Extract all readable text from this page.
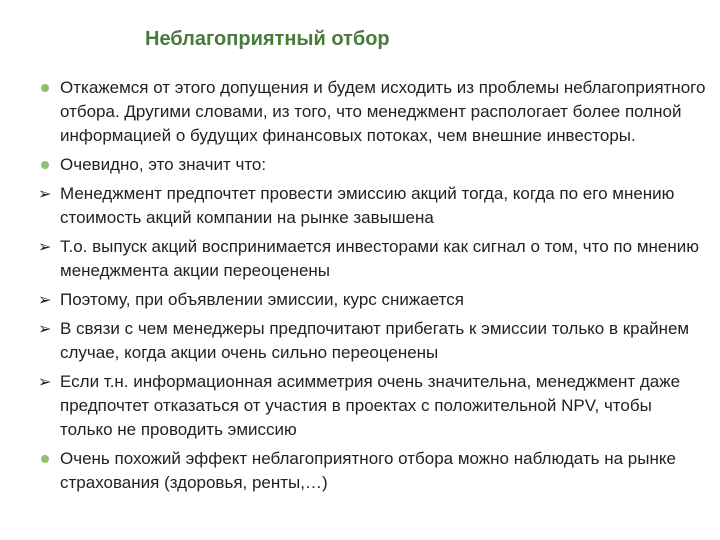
Неблагоприятный отбор
Откажемся от этого допущения и будем исходить из проблемы неблагоприятного отбора. Другими словами, из того, что менеджмент распологает более полной информацией о будущих финансовых потоках, чем внешние инвесторы.
Очевидно, это значит что:
➢ Менеджмент предпочтет провести эмиссию акций тогда, когда по его мнению стоимость акций компании на рынке завышена
➢ Т.о. выпуск акций воспринимается инвесторами как сигнал о том, что по мнению менеджмента акции переоценены
➢ Поэтому, при объявлении эмиссии, курс снижается
➢ В связи с чем менеджеры предпочитают прибегать к эмиссии только в крайнем случае, когда акции очень сильно переоценены
➢ Если т.н. информационная асимметрия очень значительна, менеджмент даже предпочтет отказаться от участия в проектах с положительной NPV, чтобы только не проводить эмиссию
Очень похожий эффект неблагоприятного отбора можно наблюдать на рынке страхования (здоровья, ренты,…)
